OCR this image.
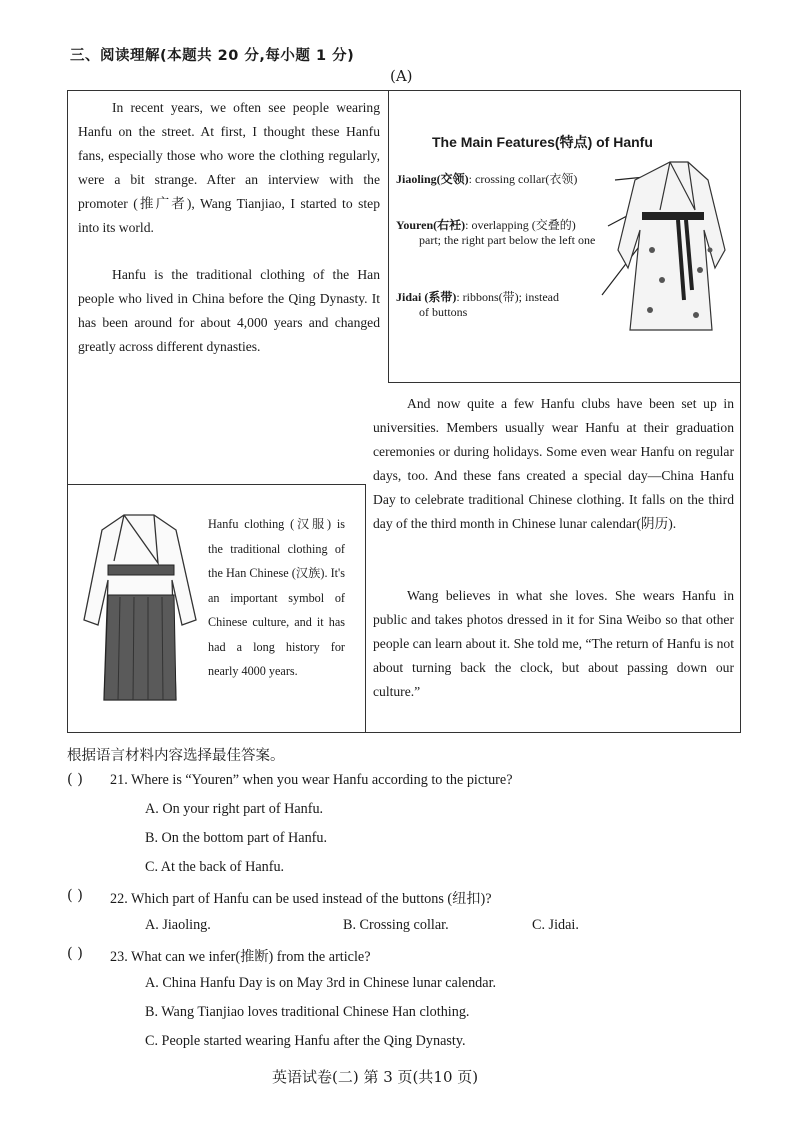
三、阅读理解(本题共 20 分,每小题 1 分)
(A)
In recent years, we often see people wearing Hanfu on the street. At first, I thought these Hanfu fans, especially those who wore the clothing regularly, were a bit strange. After an interview with the promoter (推广者), Wang Tianjiao, I started to step into its world.
Hanfu is the traditional clothing of the Han people who lived in China before the Qing Dynasty. It has been around for about 4,000 years and changed greatly across different dynasties.
And now quite a few Hanfu clubs have been set up in universities. Members usually wear Hanfu at their graduation ceremonies or during holidays. Some even wear Hanfu on regular days, too. And these fans created a special day—China Hanfu Day to celebrate traditional Chinese clothing. It falls on the third day of the third month in Chinese lunar calendar(阴历).
Wang believes in what she loves. She wears Hanfu in public and takes photos dressed in it for Sina Weibo so that other people can learn about it. She told me, “The return of Hanfu is not about turning back the clock, but about passing down our culture.”
The Main Features(特点) of Hanfu
Jiaoling(交领): crossing collar(衣领)
Youren(右衽): overlapping (交叠的)
part; the right part below the left one
Jidai (系带): ribbons(带); instead
of buttons
Hanfu clothing (汉服) is the traditional clothing of the Han Chinese (汉族). It's an important symbol of Chinese culture, and it has had a long history for nearly 4000 years.
根据语言材料内容选择最佳答案。
( ) 21. Where is “Youren” when you wear Hanfu according to the picture?
A. On your right part of Hanfu.
B. On the bottom part of Hanfu.
C. At the back of Hanfu.
( ) 22. Which part of Hanfu can be used instead of the buttons (纽扣)?
A. Jiaoling.	B. Crossing collar.	C. Jidai.
( ) 23. What can we infer(推断) from the article?
A. China Hanfu Day is on May 3rd in Chinese lunar calendar.
B. Wang Tianjiao loves traditional Chinese Han clothing.
C. People started wearing Hanfu after the Qing Dynasty.
英语试卷(二) 第 3 页(共10 页)
